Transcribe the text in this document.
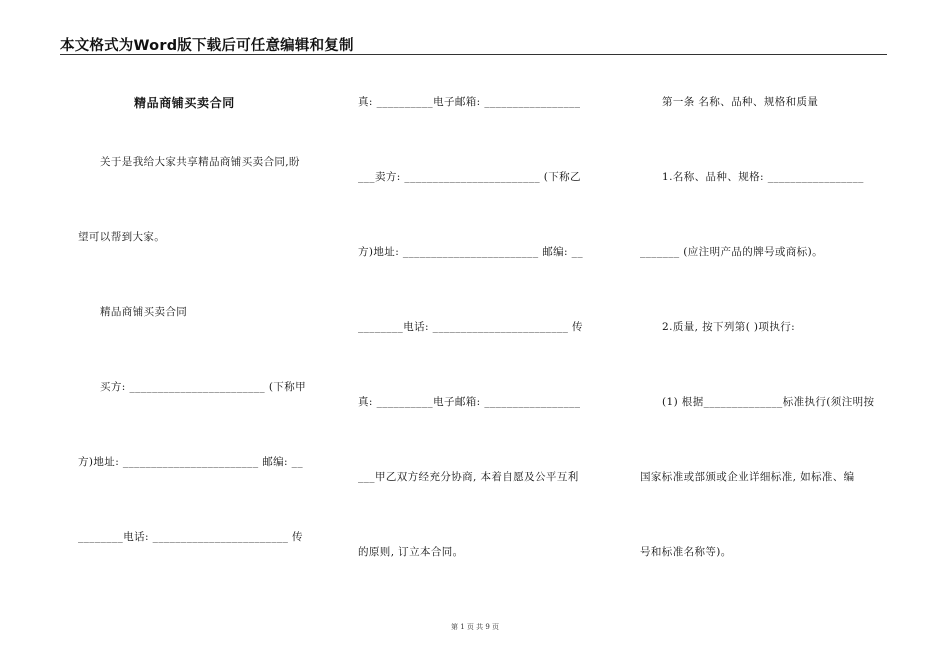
本文格式为Word版下载后可任意编辑和复制
精品商铺买卖合同
关于是我给大家共享精品商铺买卖合同,盼
望可以帮到大家。
精品商铺买卖合同
买方: ________________________ (下称甲
方)地址: ________________________ 邮编: __
________电话: ________________________ 传
真: __________电子邮箱: _________________
___卖方: ________________________ (下称乙
方)地址: ________________________ 邮编: __
________电话: ________________________ 传
真: __________电子邮箱: _________________
___甲乙双方经充分协商, 本着自愿及公平互利
的原则, 订立本合同。
第一条 名称、品种、规格和质量
1.名称、品种、规格: _________________
_______ (应注明产品的牌号或商标)。
2.质量, 按下列第( )项执行:
(1) 根据______________标准执行(须注明按
国家标准或部颁或企业详细标准, 如标准、编
号和标准名称等)。
第 1 页 共 9 页
